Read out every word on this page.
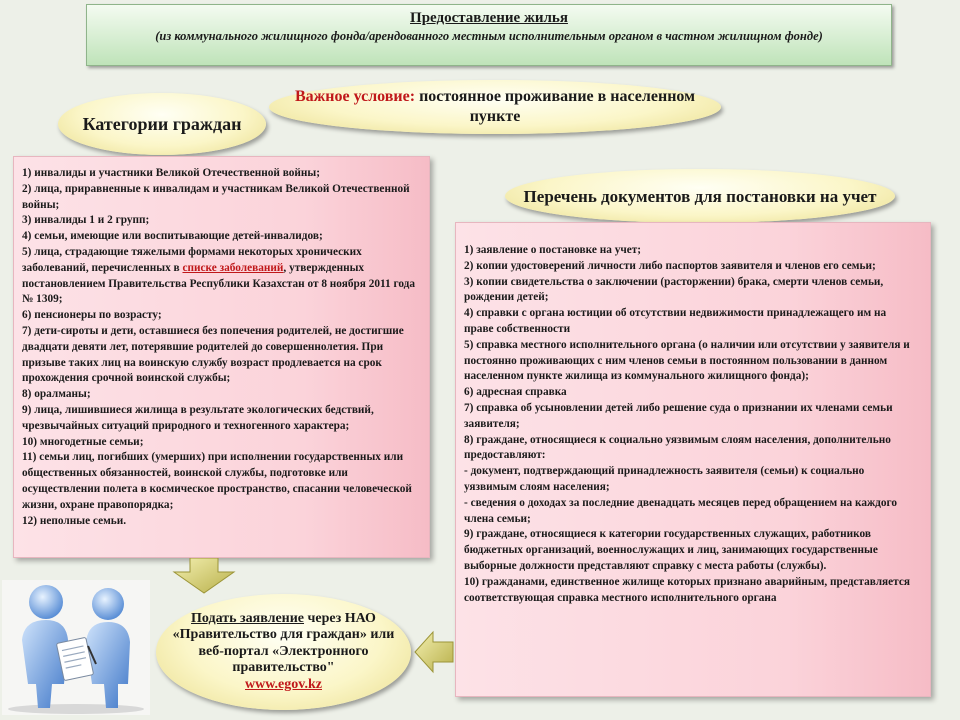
Предоставление жилья
(из коммунального жилищного фонда/арендованного местным исполнительным органом в частном жилищном фонде)
Важное условие: постоянное проживание в населенном пункте
Категории граждан
Перечень документов для постановки на учет

1) инвалиды и участники Великой Отечественной войны;

2) лица, приравненные к инвалидам и участникам Великой Отечественной войны;

3) инвалиды 1 и 2 групп;

4) семьи, имеющие или воспитывающие детей-инвалидов;

5) лица, страдающие тяжелыми формами некоторых хронических заболеваний, перечисленных в списке заболеваний, утвержденных постановлением Правительства Республики Казахстан от 8 ноября 2011 года № 1309;

6) пенсионеры по возрасту;

7) дети-сироты и дети, оставшиеся без попечения родителей, не достигшие двадцати девяти лет, потерявшие родителей до совершеннолетия. При призыве таких лиц на воинскую службу возраст продлевается на срок прохождения срочной воинской службы;

8) оралманы;

9) лица, лишившиеся жилища в результате экологических бедствий, чрезвычайных ситуаций природного и техногенного характера;

10) многодетные семьи;

11) семьи лиц, погибших (умерших) при исполнении государственных или общественных обязанностей, воинской службы, подготовке или осуществлении полета в космическое пространство, спасании человеческой жизни, охране правопорядка;

12) неполные семьи.

1) заявление о постановке на учет;

2) копии удостоверений личности либо паспортов заявителя и членов его семьи;

3) копии свидетельства о заключении (расторжении) брака, смерти членов семьи, рождении детей;

4) справки с органа юстиции об отсутствии недвижимости принадлежащего им на праве собственности

5) справка местного исполнительного органа (о наличии или отсутствии у заявителя и постоянно проживающих с ним членов семьи в постоянном пользовании в данном населенном пункте жилища из коммунального жилищного фонда);

6) адресная справка

7) справка об усыновлении детей либо решение суда о признании их членами семьи заявителя;

8) граждане, относящиеся к социально уязвимым слоям населения, дополнительно предоставляют:

- документ, подтверждающий принадлежность заявителя (семьи) к социально уязвимым слоям населения;

- сведения о доходах за последние двенадцать месяцев перед обращением на каждого члена семьи;

9) граждане, относящиеся к категории государственных служащих, работников бюджетных организаций, военнослужащих и лиц, занимающих государственные выборные должности представляют справку с места работы (службы).

10) гражданами, единственное жилище которых признано аварийным, представляется соответствующая справка местного исполнительного органа

Подать заявление через НАО «Правительство для граждан» или веб-портал «Электронного правительство"
www.egov.kz
